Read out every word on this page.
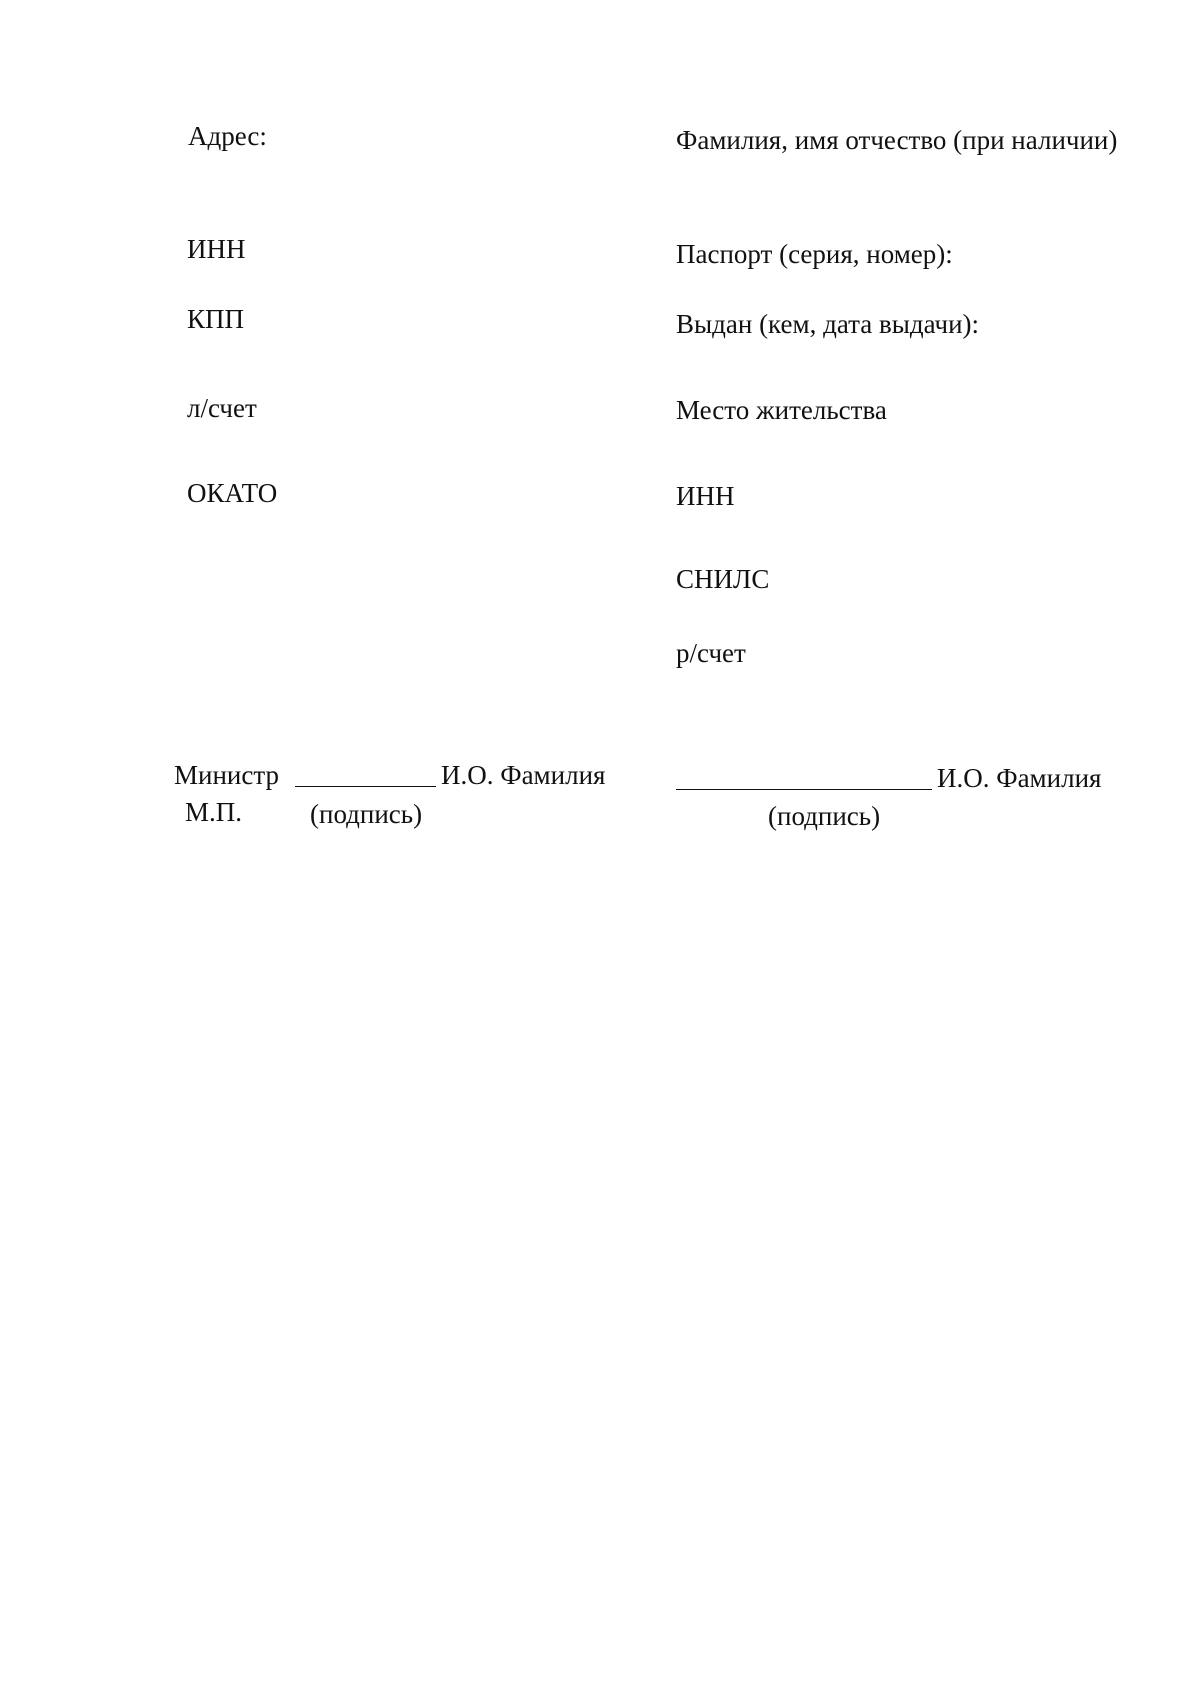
Адрес:
ИНН
КПП
л/счет
ОКАТО
Фамилия, имя отчество (при наличии)
Паспорт (серия, номер):
Выдан (кем, дата выдачи):
Место жительства
ИНН
СНИЛС
р/счет
Министр	И.О. Фамилия
М.П.	(подпись)
И.О. Фамилия
(подпись)
